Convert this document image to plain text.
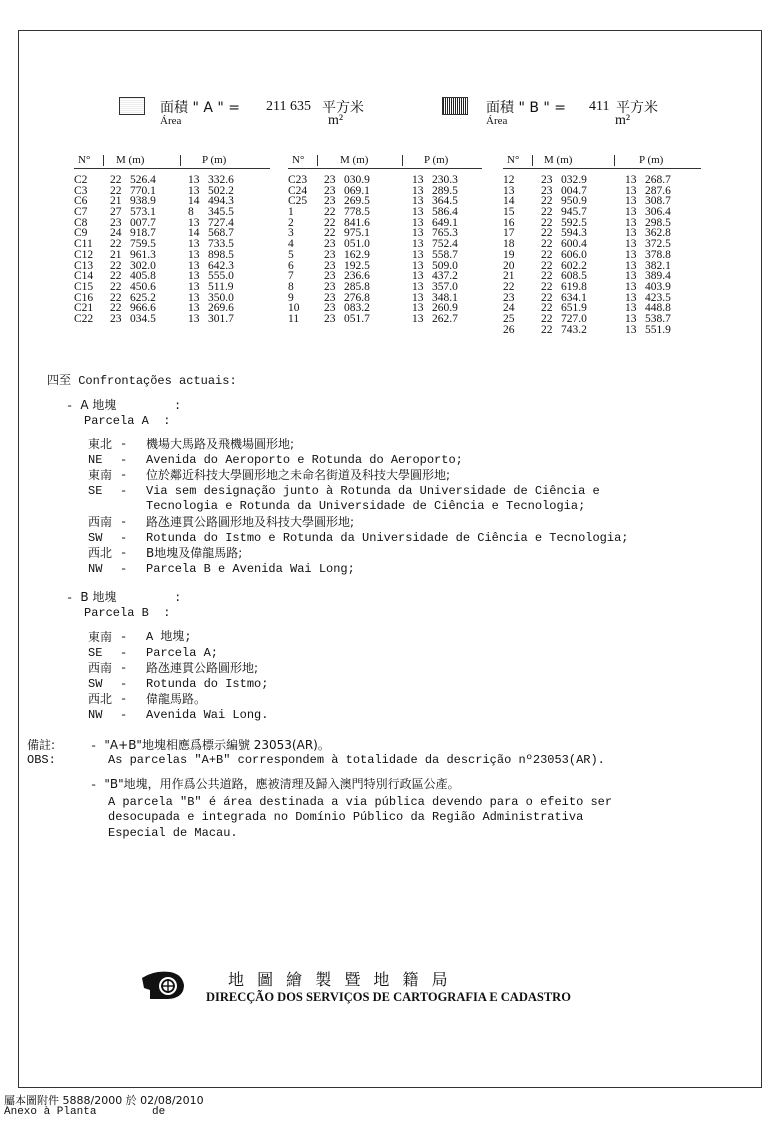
面積 " A " = 211 635 平方米
Área	m²
面積 " B " = 411 平方米
Área	m²
N° M (m)	P (m)
C2 22 526.4	13 332.6
C3 22 770.1	13 502.2
C6 21 938.9	14 494.3
C7 27 573.1	8 345.5
C8 23 007.7	13 727.4
C9 24 918.7	14 568.7
C11 22 759.5	13 733.5
C12 21 961.3	13 898.5
C13 22 302.0	13 642.3
C14 22 405.8	13 555.0
C15 22 450.6	13 511.9
C16 22 625.2	13 350.0
C21 22 966.6	13 269.6
C22 23 034.5	13 301.7
N°	M (m)	P (m)
C23 23 030.9	13 230.3
C24 23 069.1	13 289.5
C25 23 269.5	13 364.5
1	22 778.5	13 586.4
2	22 841.6	13 649.1
3	22 975.1	13 765.3
4	23 051.0	13 752.4
5	23 162.9	13 558.7
6	23 192.5	13 509.0
7	23 236.6	13 437.2
8	23 285.8	13 357.0
9	23 276.8	13 348.1
10 23 083.2	13 260.9
11 23 051.7	13 262.7
N° M (m)	P (m)
12 23 032.9	13 268.7
13 23 004.7	13 287.6
14 22 950.9	13 308.7
15 22 945.7	13 306.4
16 22 592.5	13 298.5
17 22 594.3	13 362.8
18 22 600.4	13 372.5
19 22 606.0	13 378.8
20 22 602.2	13 382.1
21 22 608.5	13 389.4
22 22 619.8	13 403.9
23 22 634.1	13 423.5
24 22 651.9	13 448.8
25 22 727.0	13 538.7
26 22 743.2	13 551.9
四至 Confrontações actuais:
- A 地塊        :
Parcela A  :
東北 - 機場大馬路及飛機場圓形地;
NE - Avenida do Aeroporto e Rotunda do Aeroporto;
東南 - 位於鄰近科技大學圓形地之未命名街道及科技大學圓形地;
SE - Via sem designação junto à Rotunda da Universidade de Ciência e
Tecnologia e Rotunda da Universidade de Ciência e Tecnologia;
西南 - 路氹連貫公路圓形地及科技大學圓形地;
SW - Rotunda do Istmo e Rotunda da Universidade de Ciência e Tecnologia;
西北 - B地塊及偉龍馬路;
NW - Parcela B e Avenida Wai Long;
- B 地塊        :
Parcela B  :
東南 - A 地塊;
SE - Parcela A;
西南 - 路氹連貫公路圓形地;
SW - Rotunda do Istmo;
西北 - 偉龍馬路。
NW - Avenida Wai Long.
備註:
OBS:
- "A+B"地塊相應爲標示編號 23053(AR)。
As parcelas "A+B" correspondem à totalidade da descrição nº23053(AR).
- "B"地塊，用作爲公共道路，應被清理及歸入澳門特別行政區公產。
A parcela "B" é área destinada a via pública devendo para o efeito ser
desocupada e integrada no Domínio Público da Região Administrativa
Especial de Macau.
地 圖 繪 製 暨 地 籍 局
DIRECÇÃO DOS SERVIÇOS DE CARTOGRAFIA E CADASTRO
屬本圖附件 5888/2000 於 02/08/2010
Anexo à Planta	de
